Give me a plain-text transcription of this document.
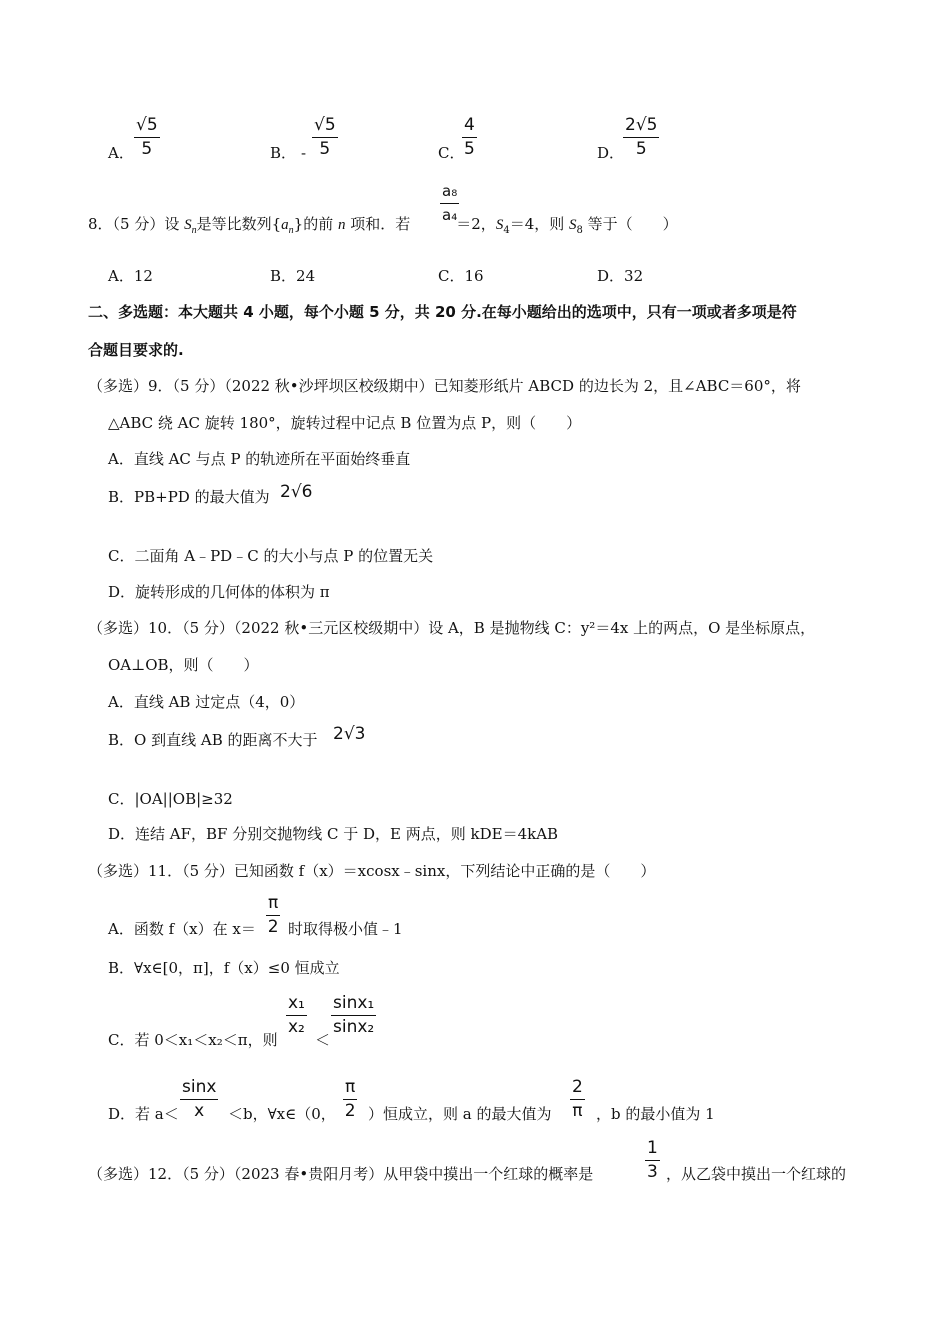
A． $\frac{√5}{5}$	B． - $\frac{√5}{5}$	C．
$\frac{4}{5}$	D．
$\frac{2√5}{5}$
8．（5 分）设 $S_n$是等比数列$\{a_n\}$的前 n 项和．若	＝2，$S_4=4$，则 $S_8$ 等于（　　）
$\frac{\text{a₈}}{\text{a₄}}$
A．12	B．24	C．16	D．32
二、多选题：本大题共 4 小题，每个小题 5 分，共 20 分.在每小题给出的选项中，只有一项或者多项是符
合题目要求的.
（多选）9．（5 分）（2022 秋•沙坪坝区校级期中）已知菱形纸片 ABCD 的边长为 2，且∠ABC＝60°，将
△ABC 绕 AC 旋转 180°，旋转过程中记点 B 位置为点 P，则（　　）
A．直线 AC 与点 P 的轨迹所在平面始终垂直
B．PB+PD 的最大值为 2√6
C．二面角 A﹣PD﹣C 的大小与点 P 的位置无关
D．旋转形成的几何体的体积为 π
（多选）10．（5 分）（2022 秋•三元区校级期中）设 A，B 是抛物线 C：y²＝4x 上的两点，O 是坐标原点，
OA⊥OB，则（　　）
A．直线 AB 过定点（4，0）
B．O 到直线 AB 的距离不大于 2√3
C．|OA||OB|≥32
D．连结 AF，BF 分别交抛物线 C 于 D，E 两点，则 kDE＝4kAB
（多选）11．（5 分）已知函数 f（x）＝xcosx﹣sinx，下列结论中正确的是（　　）
A．函数 f（x）在 $x= \frac{\pi}{2}$ 时取得极小值﹣1
B．∀x∈[0，π]，f（x）≤0 恒成立
C．若 0＜x₁＜x₂＜π，则
$\frac{\text{x₁}}{\text{x₂}}$
＜
$\frac{\text{sinx₁}}{\text{sinx₂}}$
D．若 $a< \frac{\sin x}{x} <b$，∀x∈（0， $\frac{\pi}{2}$ ）恒成立，则 a 的最大值为 $\frac{2}{\pi}$ ，b 的最小值为 1
（多选）12．（5 分）（2023 春•贵阳月考）从甲袋中摸出一个红球的概率是	$\frac{1}{3}$ ，从乙袋中摸出一个红球的
